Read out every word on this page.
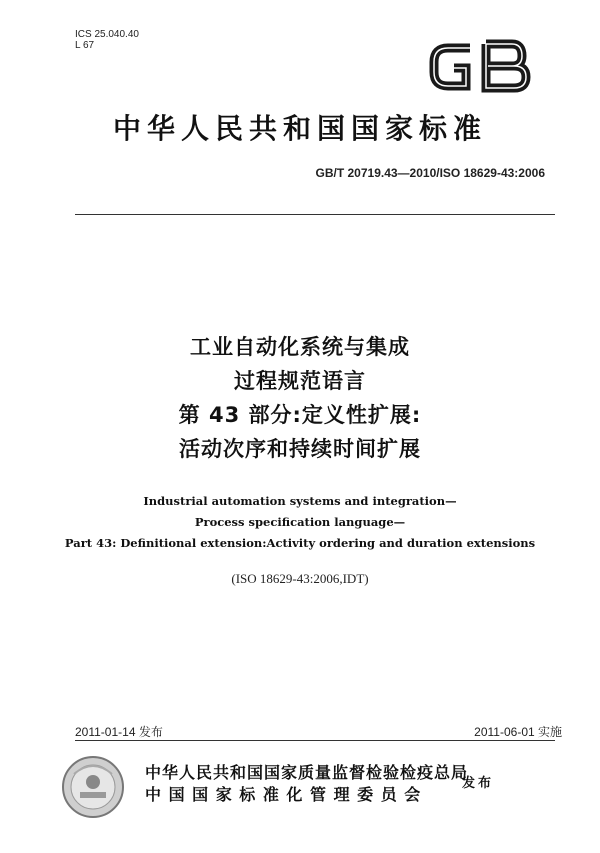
ICS 25.040.40
L 67
中华人民共和国国家标准
GB/T 20719.43—2010/ISO 18629-43:2006
工业自动化系统与集成
过程规范语言
第 43 部分:定义性扩展:
活动次序和持续时间扩展
Industrial automation systems and integration—
Process specification language—
Part 43: Definitional extension:Activity ordering and duration extensions
(ISO 18629-43:2006,IDT)
2011-01-14 发布	2011-06-01 实施
中华人民共和国国家质量监督检验检疫总局
中 国 国 家 标 准 化 管 理 委 员 会
发布
